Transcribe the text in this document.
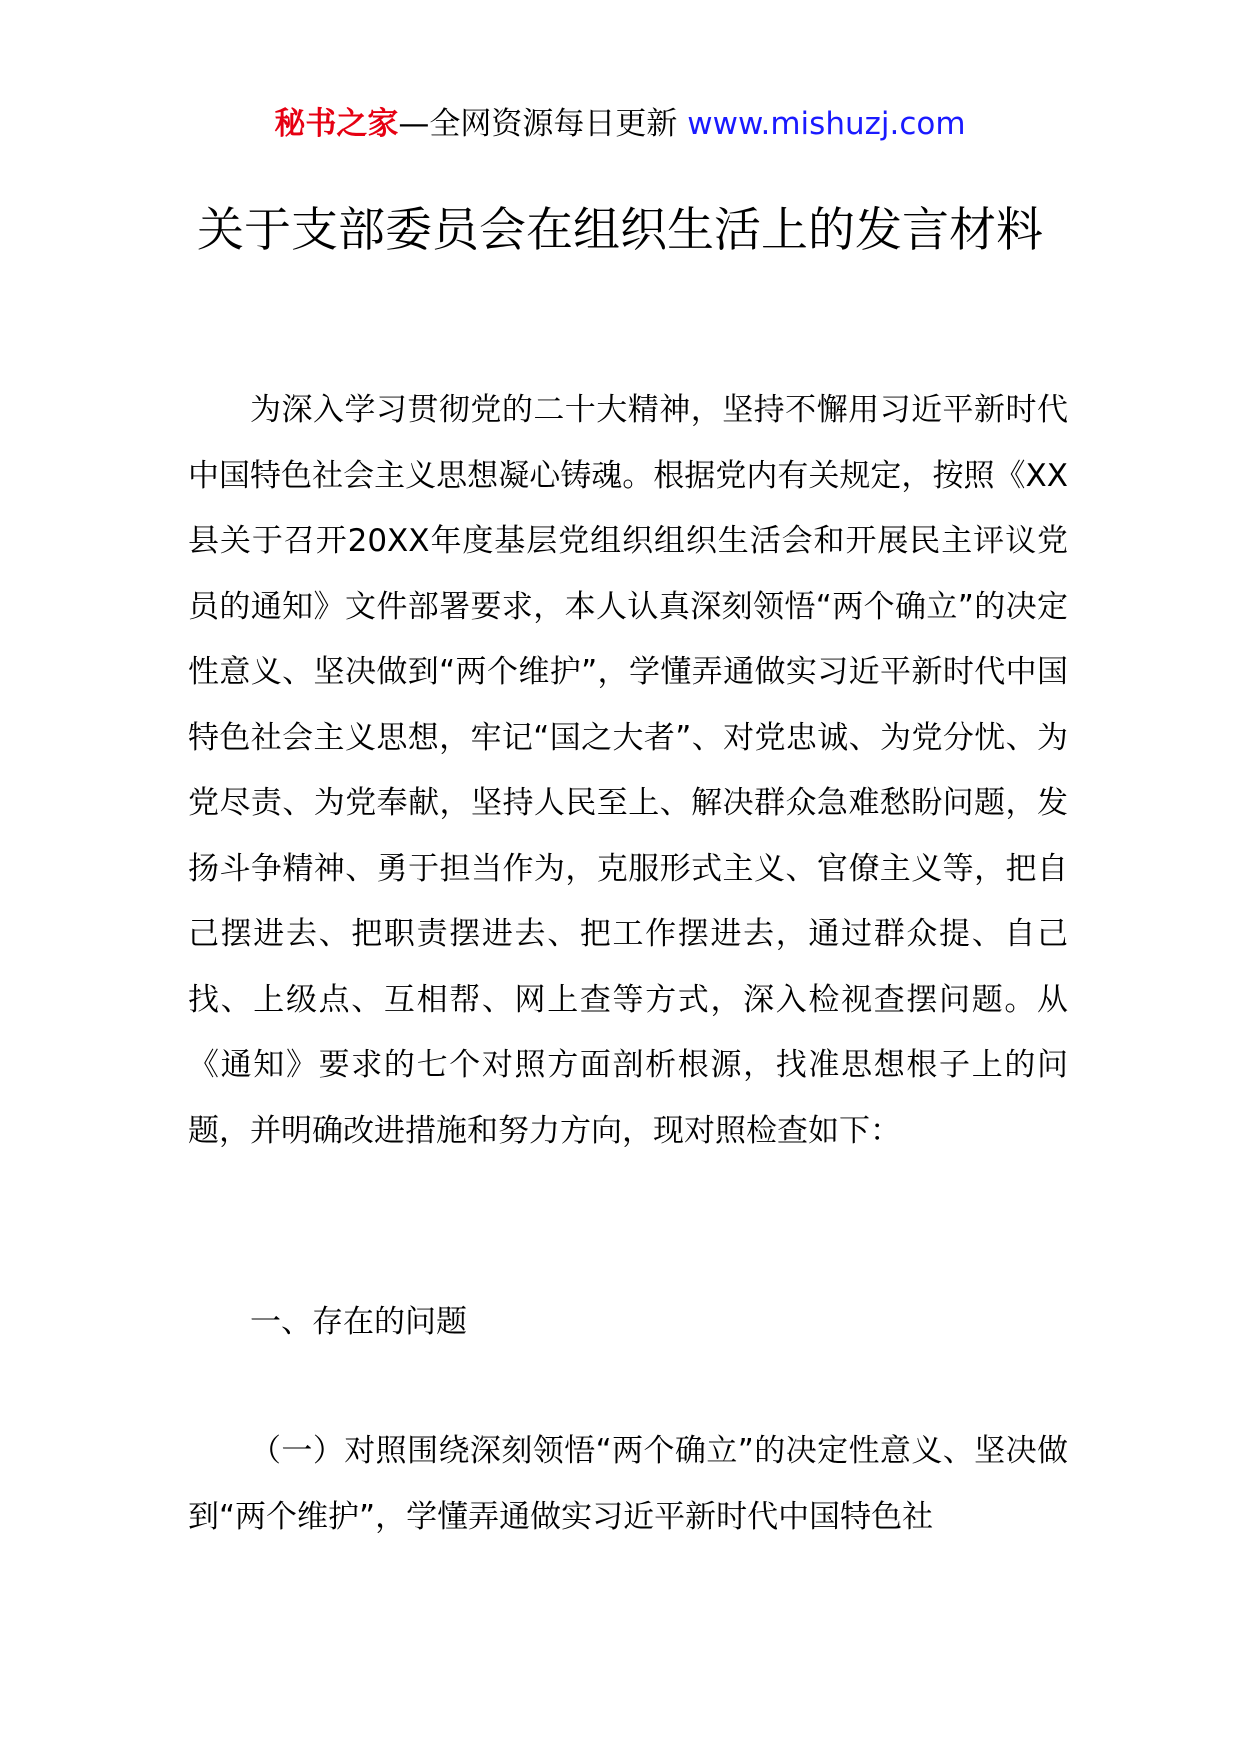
秘书之家—全网资源每日更新 www.mishuzj.com
关于支部委员会在组织生活上的发言材料
为深入学习贯彻党的二十大精神，坚持不懈用习近平新时代中国特色社会主义思想凝心铸魂。根据党内有关规定，按照《XX县关于召开20XX年度基层党组织组织生活会和开展民主评议党员的通知》文件部署要求，本人认真深刻领悟“两个确立”的决定性意义、坚决做到“两个维护”，学懂弄通做实习近平新时代中国特色社会主义思想，牢记“国之大者”、对党忠诚、为党分忧、为党尽责、为党奉献，坚持人民至上、解决群众急难愁盼问题，发扬斗争精神、勇于担当作为，克服形式主义、官僚主义等，把自己摆进去、把职责摆进去、把工作摆进去，通过群众提、自己找、上级点、互相帮、网上查等方式，深入检视查摆问题。从《通知》要求的七个对照方面剖析根源，找准思想根子上的问题，并明确改进措施和努力方向，现对照检查如下：
一、存在的问题
（一）对照围绕深刻领悟“两个确立”的决定性意义、坚决做到“两个维护”，学懂弄通做实习近平新时代中国特色社
